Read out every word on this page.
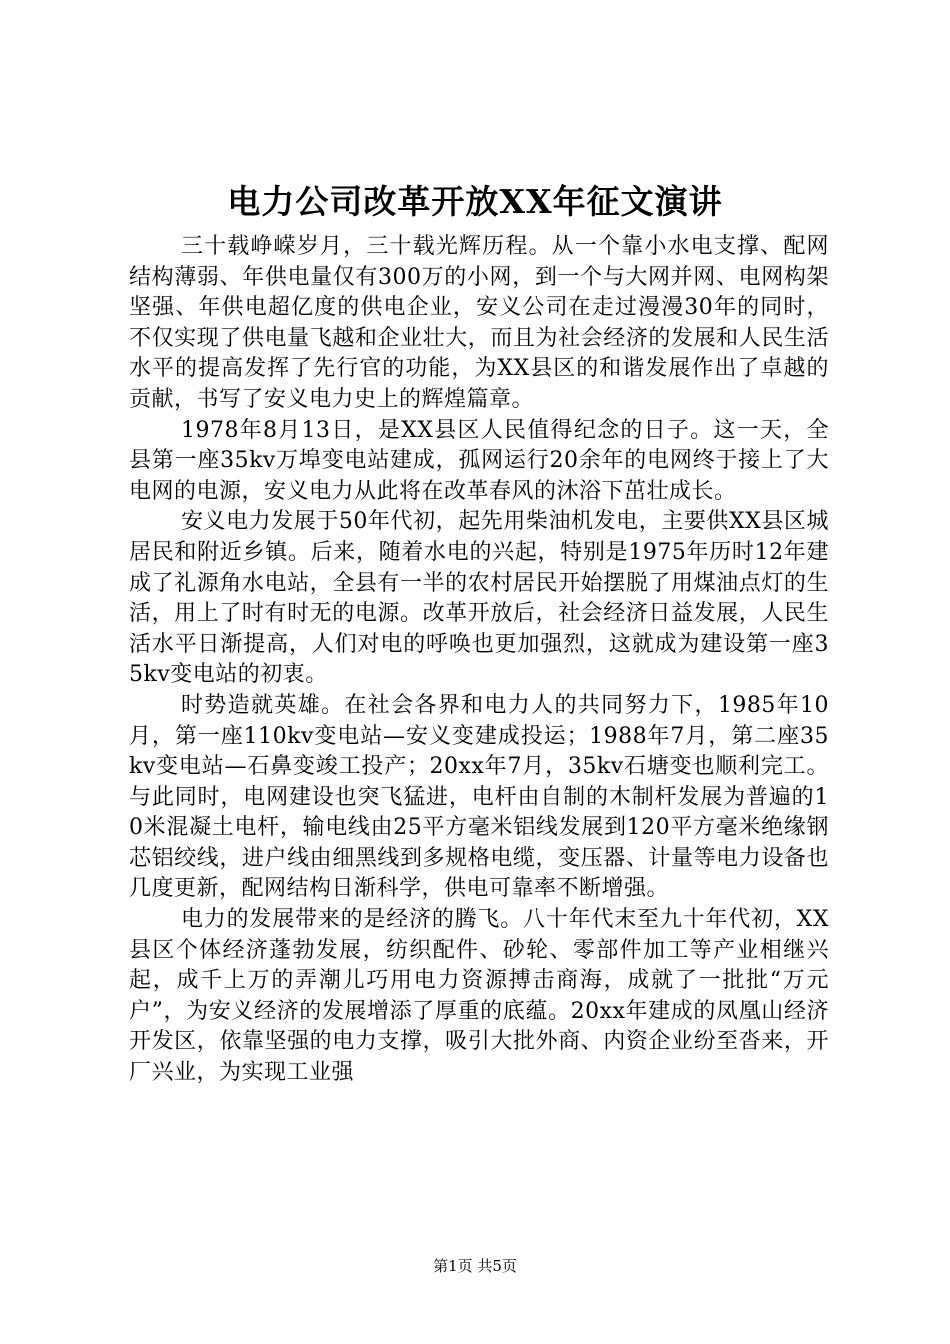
电力公司改革开放XX年征文演讲

三十载峥嵘岁月，三十载光辉历程。从一个靠小水电支撑、配网结构薄弱、年供电量仅有300万的小网，到一个与大网并网、电网构架坚强、年供电超亿度的供电企业，安义公司在走过漫漫30年的同时，不仅实现了供电量飞越和企业壮大，而且为社会经济的发展和人民生活水平的提高发挥了先行官的功能，为XX县区的和谐发展作出了卓越的贡献，书写了安义电力史上的辉煌篇章。

1978年8月13日，是XX县区人民值得纪念的日子。这一天，全县第一座35kv万埠变电站建成，孤网运行20余年的电网终于接上了大电网的电源，安义电力从此将在改革春风的沐浴下茁壮成长。

安义电力发展于50年代初，起先用柴油机发电，主要供XX县区城居民和附近乡镇。后来，随着水电的兴起，特别是1975年历时12年建成了礼源角水电站，全县有一半的农村居民开始摆脱了用煤油点灯的生活，用上了时有时无的电源。改革开放后，社会经济日益发展，人民生活水平日渐提高，人们对电的呼唤也更加强烈，这就成为建设第一座35kv变电站的初衷。

时势造就英雄。在社会各界和电力人的共同努力下，1985年10月，第一座110kv变电站—安义变建成投运；1988年7月，第二座35kv变电站—石鼻变竣工投产；20xx年7月，35kv石塘变也顺利完工。与此同时，电网建设也突飞猛进，电杆由自制的木制杆发展为普遍的10米混凝土电杆，输电线由25平方毫米铝线发展到120平方毫米绝缘钢芯铝绞线，进户线由细黑线到多规格电缆，变压器、计量等电力设备也几度更新，配网结构日渐科学，供电可靠率不断增强。

电力的发展带来的是经济的腾飞。八十年代末至九十年代初，XX县区个体经济蓬勃发展，纺织配件、砂轮、零部件加工等产业相继兴起，成千上万的弄潮儿巧用电力资源搏击商海，成就了一批批“万元户”，为安义经济的发展增添了厚重的底蕴。20xx年建成的凤凰山经济开发区，依靠坚强的电力支撑，吸引大批外商、内资企业纷至沓来，开厂兴业，为实现工业强

第1页 共5页
